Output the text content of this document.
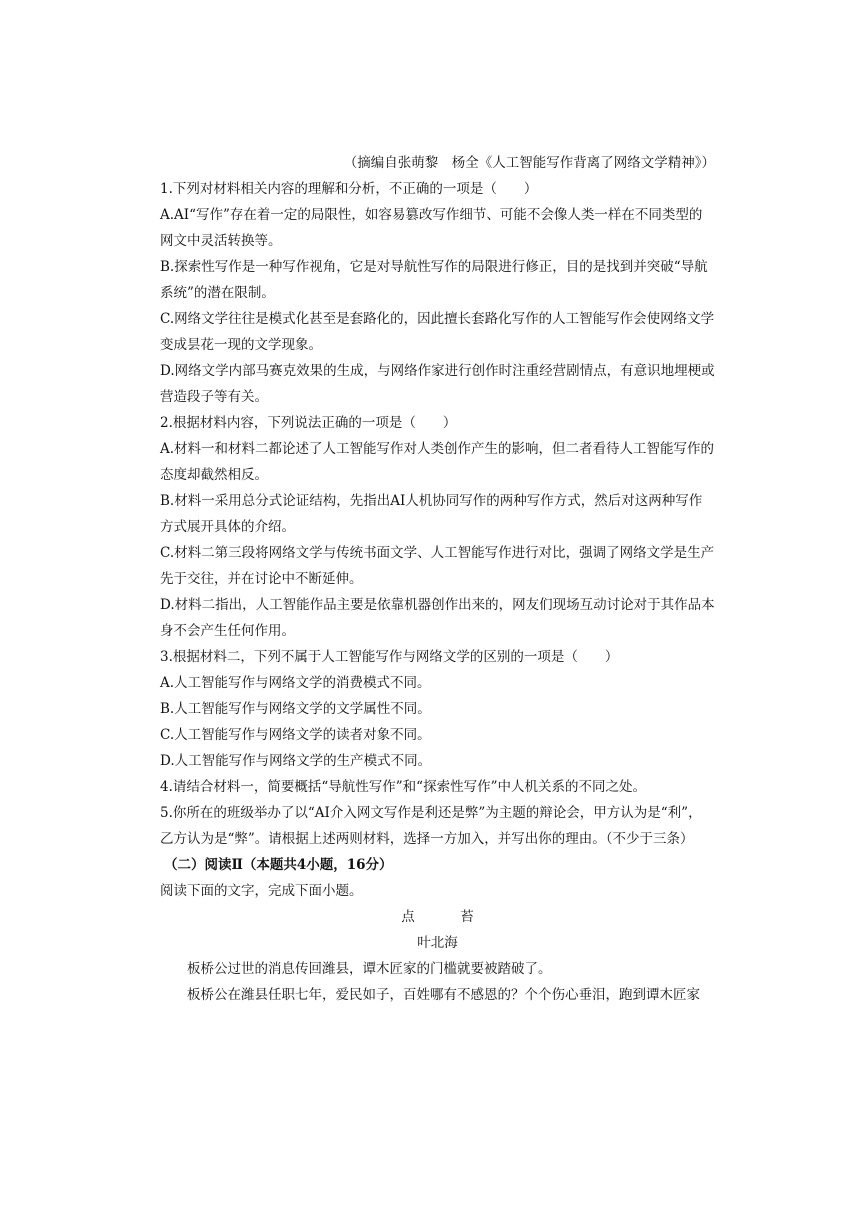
（摘编自张萌黎　杨全《人工智能写作背离了网络文学精神》）

1.下列对材料相关内容的理解和分析，不正确的一项是（　　）

A.AI“写作”存在着一定的局限性，如容易篡改写作细节、可能不会像人类一样在不同类型的网文中灵活转换等。

B.探索性写作是一种写作视角，它是对导航性写作的局限进行修正，目的是找到并突破“导航系统”的潜在限制。

C.网络文学往往是模式化甚至是套路化的，因此擅长套路化写作的人工智能写作会使网络文学变成昙花一现的文学现象。

D.网络文学内部马赛克效果的生成，与网络作家进行创作时注重经营剧情点，有意识地埋梗或营造段子等有关。

2.根据材料内容，下列说法正确的一项是（　　）

A.材料一和材料二都论述了人工智能写作对人类创作产生的影响，但二者看待人工智能写作的态度却截然相反。

B.材料一采用总分式论证结构，先指出AI人机协同写作的两种写作方式，然后对这两种写作方式展开具体的介绍。

C.材料二第三段将网络文学与传统书面文学、人工智能写作进行对比，强调了网络文学是生产先于交往，并在讨论中不断延伸。

D.材料二指出，人工智能作品主要是依靠机器创作出来的，网友们现场互动讨论对于其作品本身不会产生任何作用。

3.根据材料二，下列不属于人工智能写作与网络文学的区别的一项是（　　）

A.人工智能写作与网络文学的消费模式不同。

B.人工智能写作与网络文学的文学属性不同。

C.人工智能写作与网络文学的读者对象不同。

D.人工智能写作与网络文学的生产模式不同。

4.请结合材料一，简要概括“导航性写作”和“探索性写作”中人机关系的不同之处。

5.你所在的班级举办了以“AI介入网文写作是利还是弊”为主题的辩论会，甲方认为是“利”，乙方认为是“弊”。请根据上述两则材料，选择一方加入，并写出你的理由。（不少于三条）

（二）阅读Ⅱ（本题共4小题，16分）

阅读下面的文字，完成下面小题。

点　苔

叶北海

板桥公过世的消息传回潍县，谭木匠家的门槛就要被踏破了。

板桥公在潍县任职七年，爱民如子，百姓哪有不感恩的？个个伤心垂泪，跑到谭木匠家
